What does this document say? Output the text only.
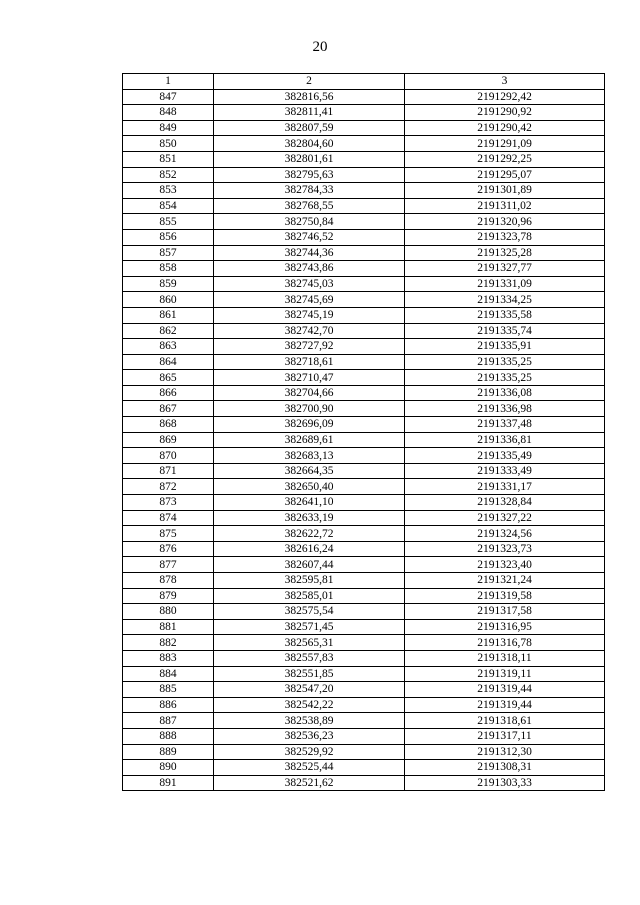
20
1	2	3
847	382816,56	2191292,42
848	382811,41	2191290,92
849	382807,59	2191290,42
850	382804,60	2191291,09
851	382801,61	2191292,25
852	382795,63	2191295,07
853	382784,33	2191301,89
854	382768,55	2191311,02
855	382750,84	2191320,96
856	382746,52	2191323,78
857	382744,36	2191325,28
858	382743,86	2191327,77
859	382745,03	2191331,09
860	382745,69	2191334,25
861	382745,19	2191335,58
862	382742,70	2191335,74
863	382727,92	2191335,91
864	382718,61	2191335,25
865	382710,47	2191335,25
866	382704,66	2191336,08
867	382700,90	2191336,98
868	382696,09	2191337,48
869	382689,61	2191336,81
870	382683,13	2191335,49
871	382664,35	2191333,49
872	382650,40	2191331,17
873	382641,10	2191328,84
874	382633,19	2191327,22
875	382622,72	2191324,56
876	382616,24	2191323,73
877	382607,44	2191323,40
878	382595,81	2191321,24
879	382585,01	2191319,58
880	382575,54	2191317,58
881	382571,45	2191316,95
882	382565,31	2191316,78
883	382557,83	2191318,11
884	382551,85	2191319,11
885	382547,20	2191319,44
886	382542,22	2191319,44
887	382538,89	2191318,61
888	382536,23	2191317,11
889	382529,92	2191312,30
890	382525,44	2191308,31
891	382521,62	2191303,33
